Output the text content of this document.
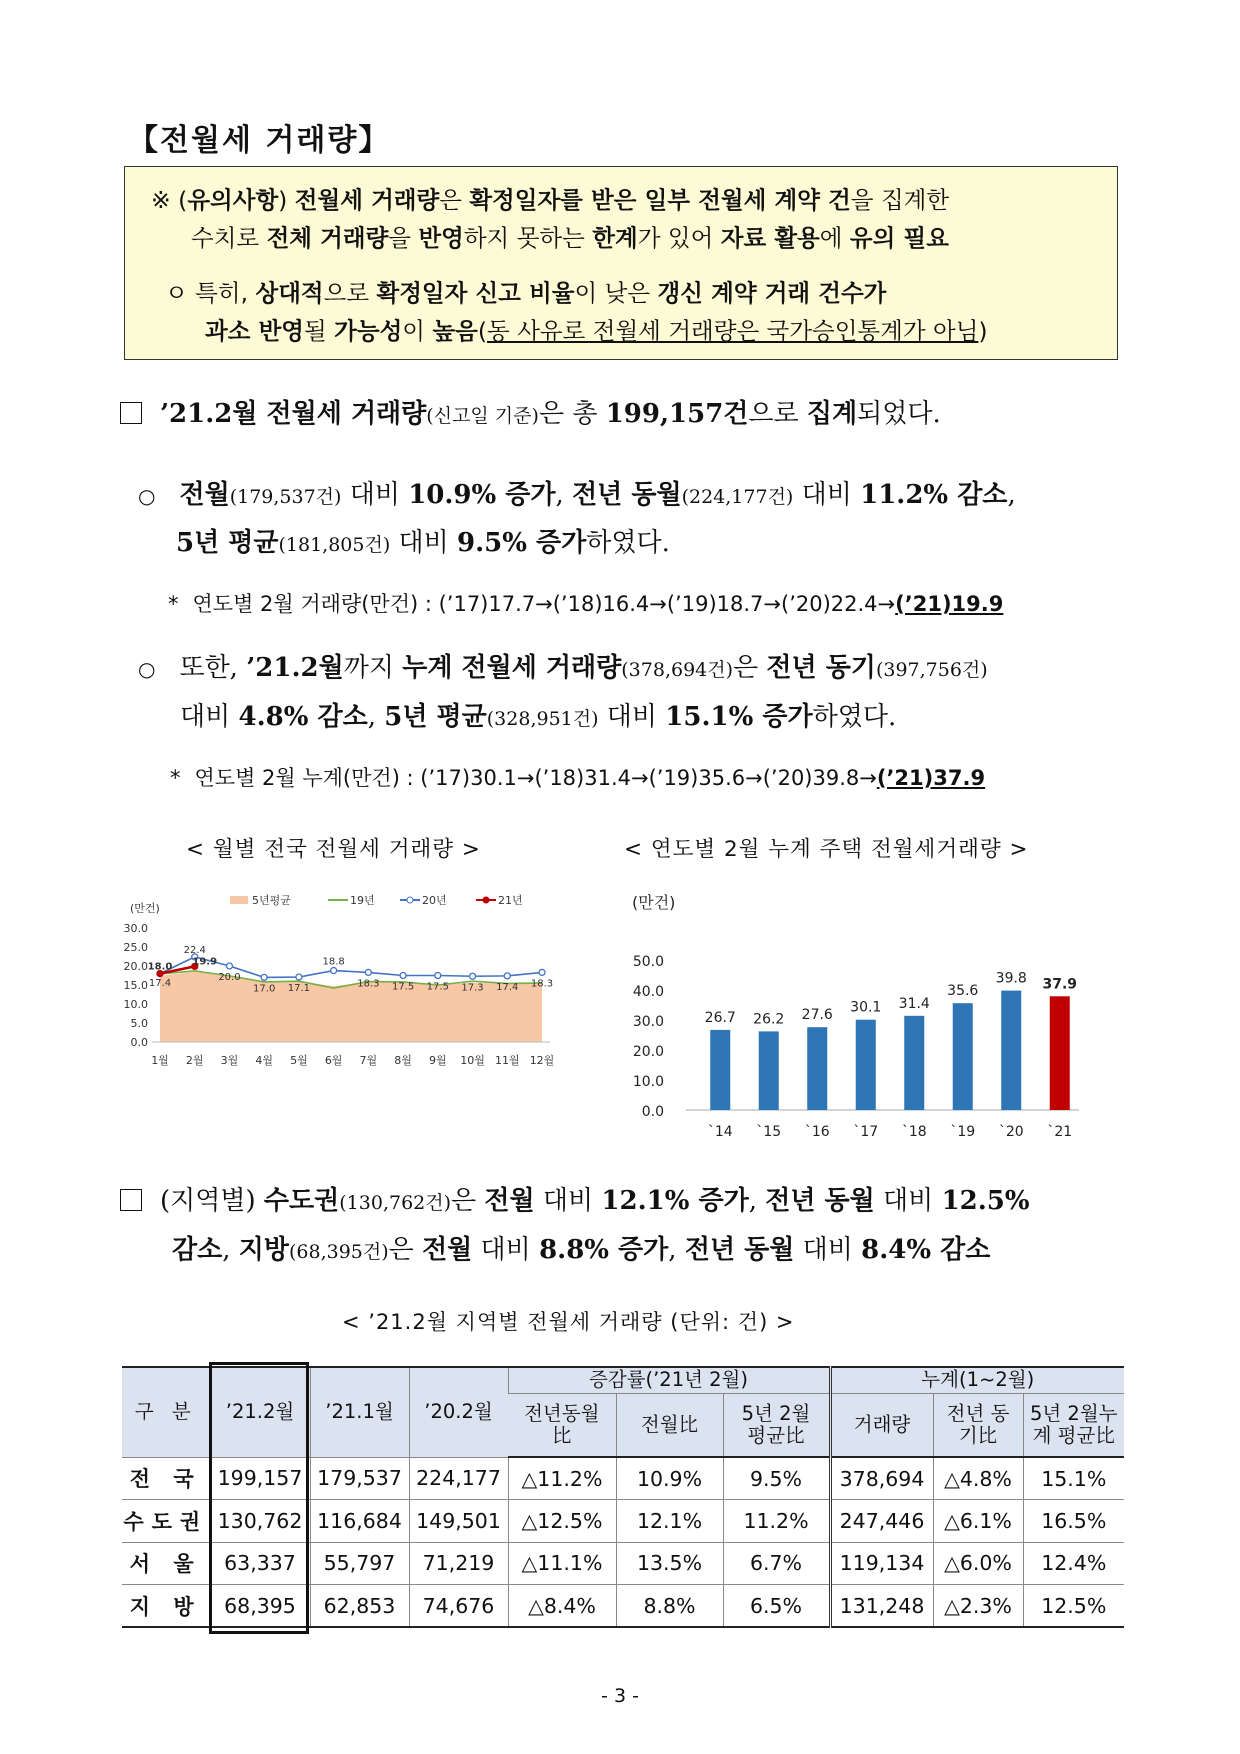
【전월세 거래량】
※ (유의사항) 전월세 거래량은 확정일자를 받은 일부 전월세 계약 건을 집계한
수치로 전체 거래량을 반영하지 못하는 한계가 있어 자료 활용에 유의 필요
ㅇ 특히, 상대적으로 확정일자 신고 비율이 낮은 갱신 계약 거래 건수가
과소 반영될 가능성이 높음(동 사유로 전월세 거래량은 국가승인통계가 아님)
’21.2월 전월세 거래량(신고일 기준)은 총 199,157건으로 집계되었다.
○ 전월(179,537건) 대비 10.9% 증가, 전년 동월(224,177건) 대비 11.2% 감소,
5년 평균(181,805건) 대비 9.5% 증가하였다.
* 연도별 2월 거래량(만건) : (’17)17.7→(’18)16.4→(’19)18.7→(’20)22.4→(’21)19.9
○ 또한, ’21.2월까지 누계 전월세 거래량(378,694건)은 전년 동기(397,756건)
대비 4.8% 감소, 5년 평균(328,951건) 대비 15.1% 증가하였다.
* 연도별 2월 누계(만건) : (’17)30.1→(’18)31.4→(’19)35.6→(’20)39.8→(’21)37.9
< 월별 전국 전월세 거래량 >	< 연도별 2월 누계 주택 전월세거래량 >
(만건)
0.0
5.0
10.0
15.0
20.0
25.0
30.0
1월 2월 3월 4월 5월 6월 7월 8월 9월 10월 11월 12월
18.0
17.4
22.4
19.9
20.0
17.0 17.1
18.8
18.3 17.5 17.5 17.3 17.4 18.3
5년평균	19년	20년	21년	(만건)
0.0
10.0
20.0
30.0
40.0
50.0
26.7
`14
26.2
`15
27.6
`16
30.1
`17
31.4
`18
35.6
`19
39.8
`20
37.9
`21
(지역별) 수도권(130,762건)은 전월 대비 12.1% 증가, 전년 동월 대비 12.5%
감소, 지방(68,395건)은 전월 대비 8.8% 증가, 전년 동월 대비 8.4% 감소
< ’21.2월 지역별 전월세 거래량 (단위: 건) >
구 분	’21.2월	’21.1월	’20.2월	증감률(’21년 2월)			누계(1~2월)		
				전년동월比	전월比	5년 2월 평균比	거래량	전년 동기比	5년 2월누계 평균比
전 국	199,157	179,537	224,177	△11.2%	10.9%	9.5%	378,694	△4.8%	15.1%
수도권	130,762	116,684	149,501	△12.5%	12.1%	11.2%	247,446	△6.1%	16.5%
서 울	63,337	55,797	71,219	△11.1%	13.5%	6.7%	119,134	△6.0%	12.4%
지 방	68,395	62,853	74,676	△8.4%	8.8%	6.5%	131,248	△2.3%	12.5%
- 3 -
